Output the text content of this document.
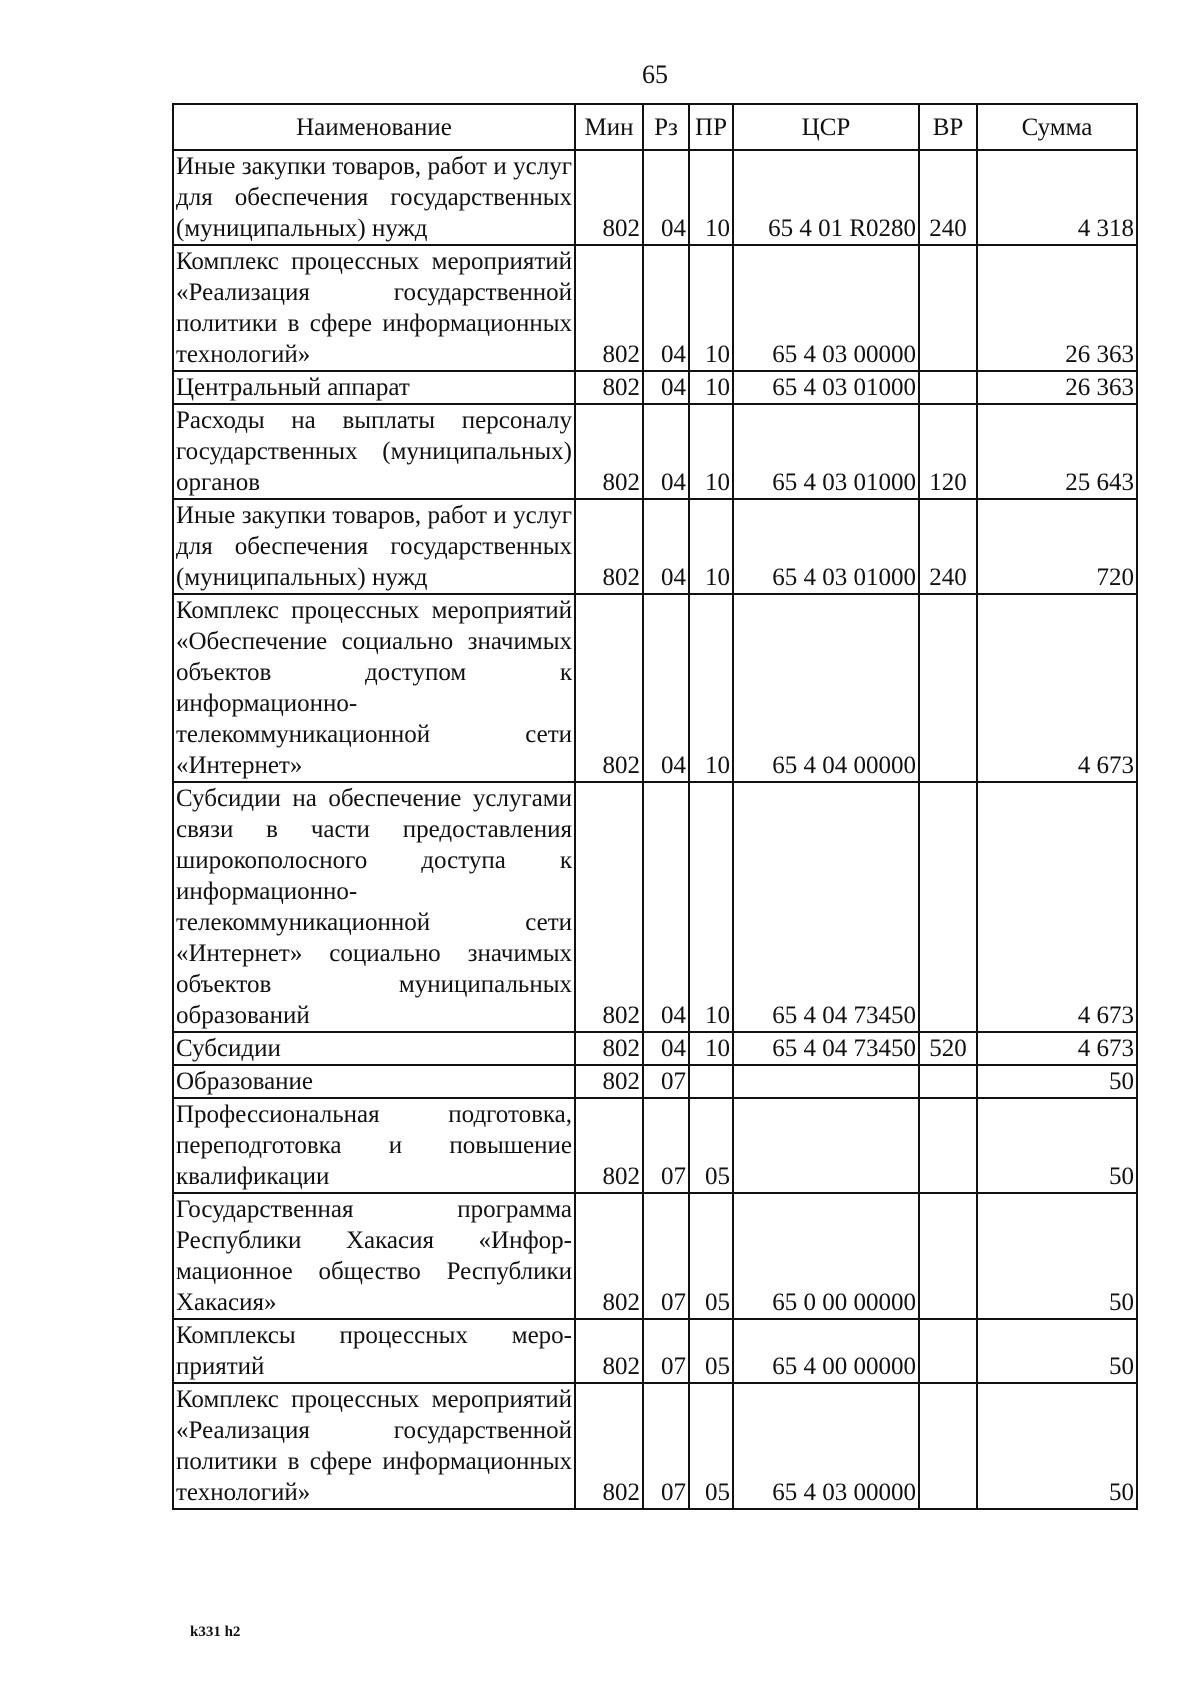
65
Наименование	Мин	Рз	ПР	ЦСР	ВР	Сумма
Иные закупки товаров, работ и услуг для обеспечения государственных (муниципальных) нужд	802	04	10	65 4 01 R0280	240	4 318
Комплекс процессных мероприятий «Реализация государственной политики в сфере информационных технологий»	802	04	10	65 4 03 00000		26 363
Центральный аппарат	802	04	10	65 4 03 01000		26 363
Расходы на выплаты персоналу государственных (муниципальных) органов	802	04	10	65 4 03 01000	120	25 643
Иные закупки товаров, работ и услуг для обеспечения государственных (муниципальных) нужд	802	04	10	65 4 03 01000	240	720
Комплекс процессных мероприятий «Обеспечение социально значимых объектов доступом к информационно-телекоммуникационной сети «Интернет»	802	04	10	65 4 04 00000		4 673
Субсидии на обеспечение услугами связи в части предоставления широкополосного доступа к информационно-телекоммуникационной сети «Интернет» социально значимых объектов муниципальных образований	802	04	10	65 4 04 73450		4 673
Субсидии	802	04	10	65 4 04 73450	520	4 673
Образование	802	07				50
Профессиональная подготовка, переподготовка и повышение квалификации	802	07	05			50
Государственная программа Республики Хакасия «Информационное общество Республики Хакасия»	802	07	05	65 0 00 00000		50
Комплексы процессных мероприятий	802	07	05	65 4 00 00000		50
Комплекс процессных мероприятий «Реализация государственной политики в сфере информационных технологий»	802	07	05	65 4 03 00000		50
k331 h2
